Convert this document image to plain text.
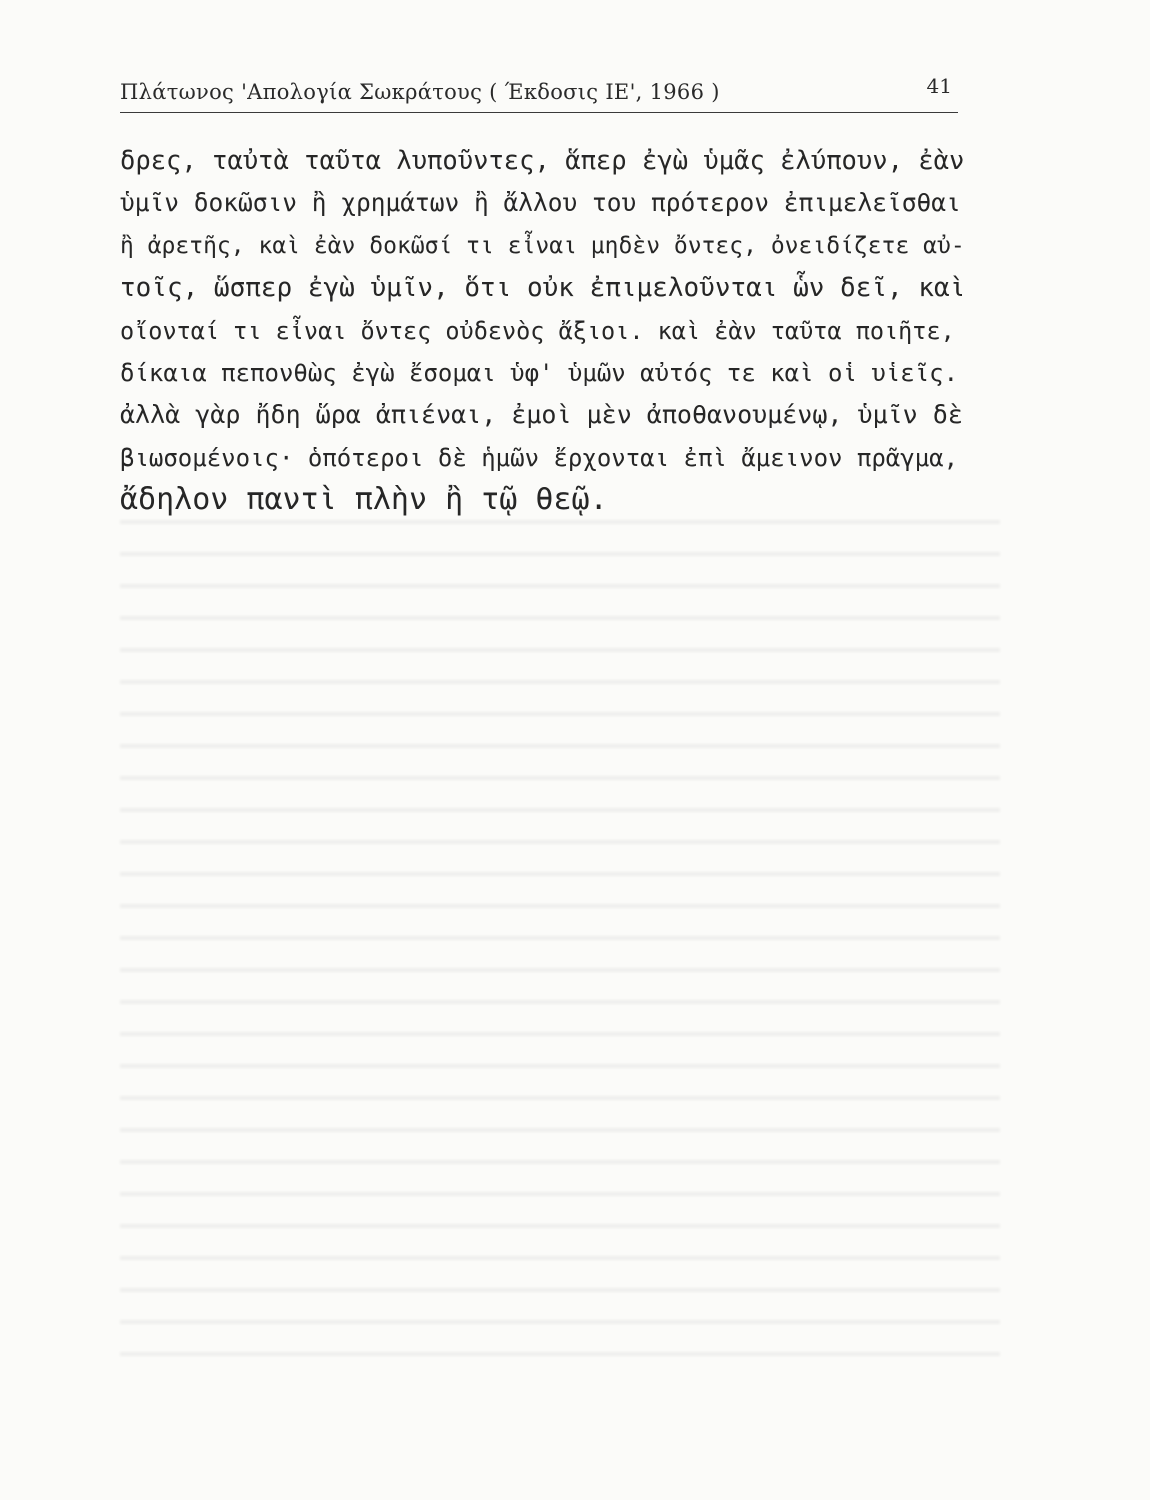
Πλάτωνος 'Απολογία Σωκράτους ( Έκδοσις ΙΕ', 1966 )	41
δρες, ταὐτὰ ταῦτα λυποῦντες, ἅπερ ἐγὼ ὑμᾶς ἐλύπουν, ἐὰν
ὑμῖν δοκῶσιν ἢ χρημάτων ἢ ἄλλου του πρότερον ἐπιμελεῖσθαι
ἢ ἀρετῆς, καὶ ἐὰν δοκῶσί τι εἶναι μηδὲν ὄντες, ὀνειδίζετε αὐ-
τοῖς, ὥσπερ ἐγὼ ὑμῖν, ὅτι οὐκ ἐπιμελοῦνται ὧν δεῖ, καὶ
οἴονταί τι εἶναι ὄντες οὐδενὸς ἄξιοι. καὶ ἐὰν ταῦτα ποιῆτε,
δίκαια πεπονθὼς ἐγὼ ἔσομαι ὑφ' ὑμῶν αὐτός τε καὶ οἱ υἱεῖς.
ἀλλὰ γὰρ ἤδη ὥρα ἀπιέναι, ἐμοὶ μὲν ἀποθανουμένῳ, ὑμῖν δὲ
βιωσομένοις· ὁπότεροι δὲ ἡμῶν ἔρχονται ἐπὶ ἄμεινον πρᾶγμα,
ἄδηλον παντὶ πλὴν ἢ τῷ θεῷ.
